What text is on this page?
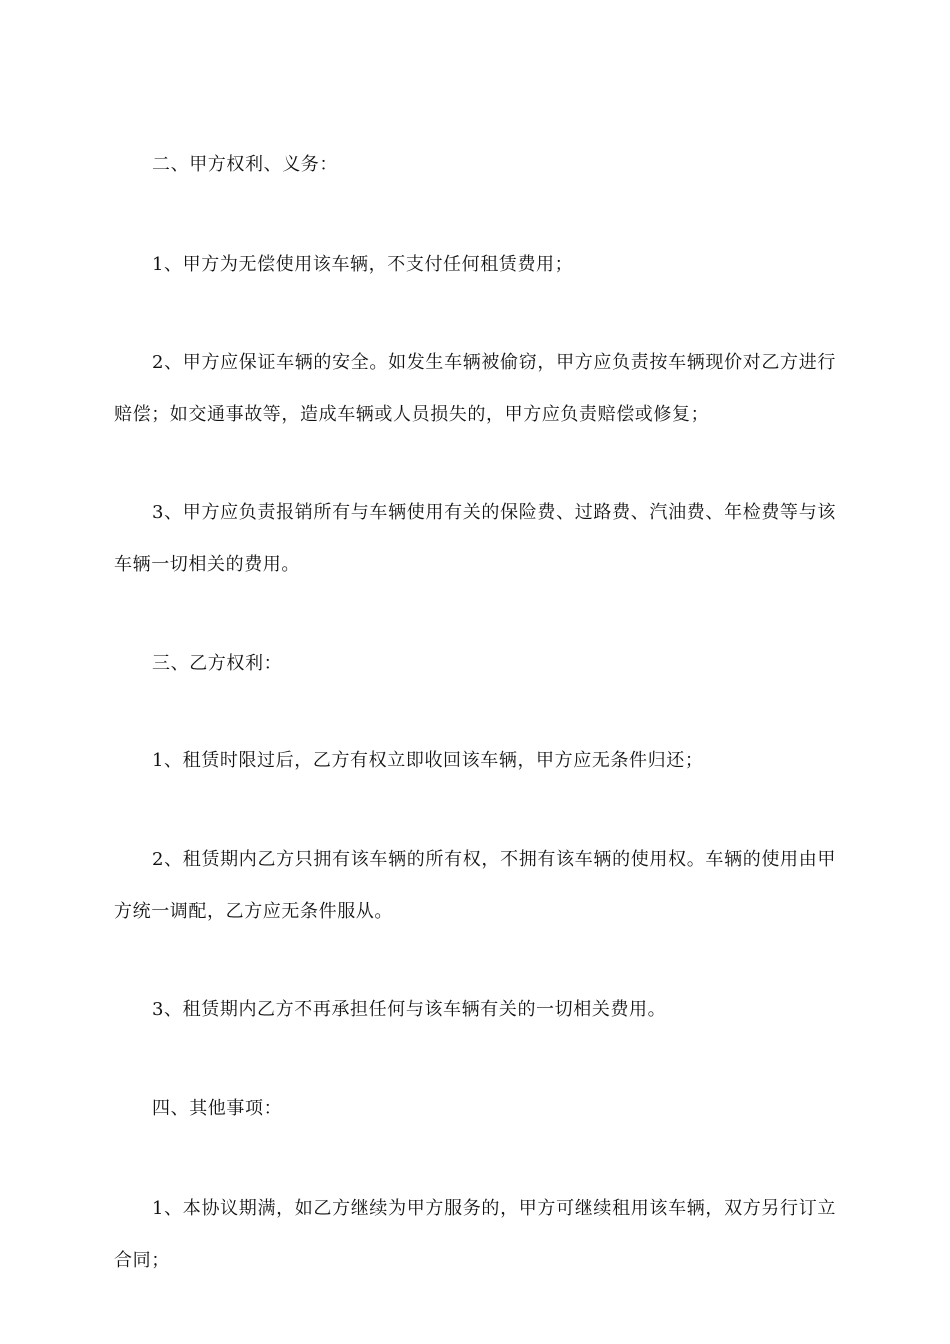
二、甲方权利、义务：

1、甲方为无偿使用该车辆，不支付任何租赁费用；

2、甲方应保证车辆的安全。如发生车辆被偷窃，甲方应负责按车辆现价对乙方进行赔偿；如交通事故等，造成车辆或人员损失的，甲方应负责赔偿或修复；

3、甲方应负责报销所有与车辆使用有关的保险费、过路费、汽油费、年检费等与该车辆一切相关的费用。

三、乙方权利：

1、租赁时限过后，乙方有权立即收回该车辆，甲方应无条件归还；

2、租赁期内乙方只拥有该车辆的所有权，不拥有该车辆的使用权。车辆的使用由甲方统一调配，乙方应无条件服从。

3、租赁期内乙方不再承担任何与该车辆有关的一切相关费用。

四、其他事项：

1、本协议期满，如乙方继续为甲方服务的，甲方可继续租用该车辆，双方另行订立合同；
